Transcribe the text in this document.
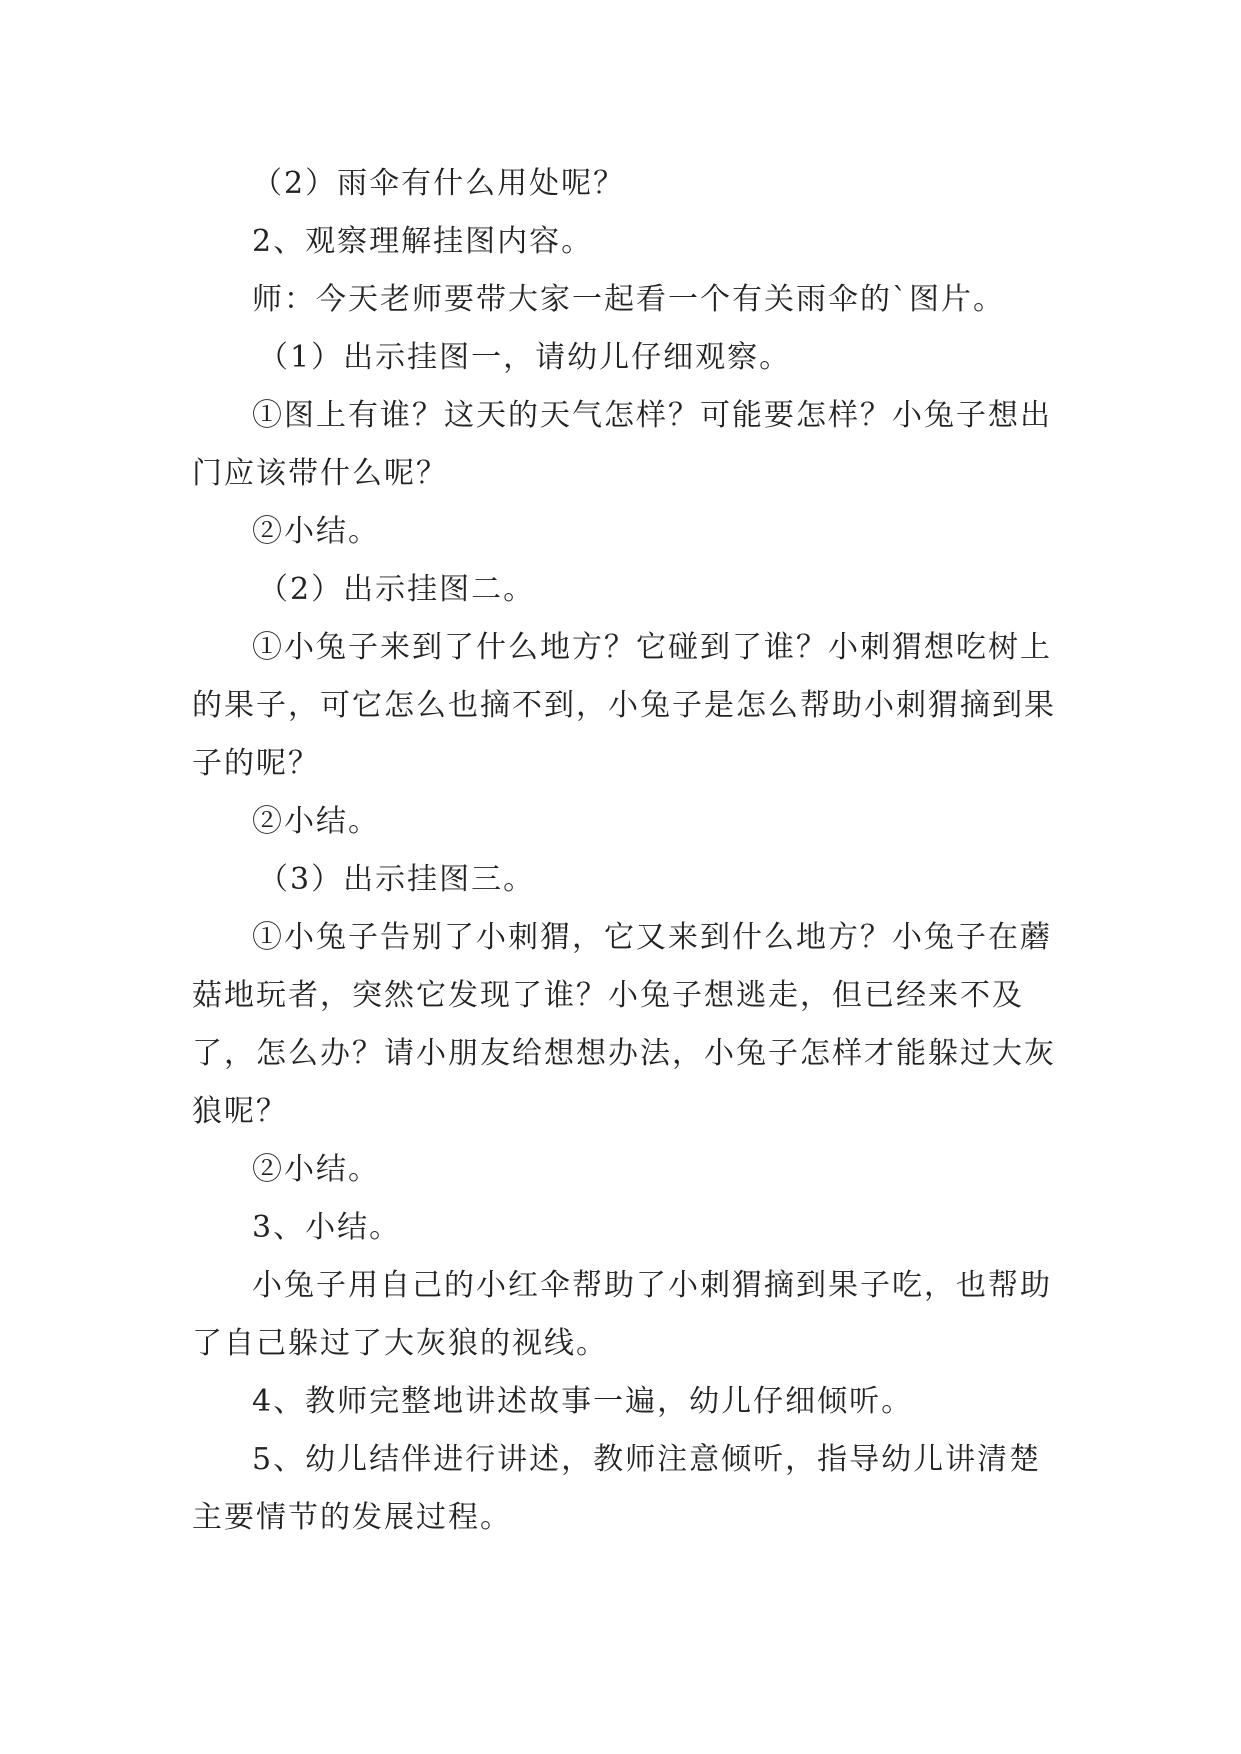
（2）雨伞有什么用处呢？

2、观察理解挂图内容。

师：今天老师要带大家一起看一个有关雨伞的`图片。

（1）出示挂图一，请幼儿仔细观察。

①图上有谁？这天的天气怎样？可能要怎样？小兔子想出门应该带什么呢？

②小结。

（2）出示挂图二。

①小兔子来到了什么地方？它碰到了谁？小刺猬想吃树上的果子，可它怎么也摘不到，小兔子是怎么帮助小刺猬摘到果子的呢？

②小结。

（3）出示挂图三。

①小兔子告别了小刺猬，它又来到什么地方？小兔子在蘑菇地玩者，突然它发现了谁？小兔子想逃走，但已经来不及了，怎么办？请小朋友给想想办法，小兔子怎样才能躲过大灰狼呢？

②小结。

3、小结。

小兔子用自己的小红伞帮助了小刺猬摘到果子吃，也帮助了自己躲过了大灰狼的视线。

4、教师完整地讲述故事一遍，幼儿仔细倾听。

5、幼儿结伴进行讲述，教师注意倾听，指导幼儿讲清楚主要情节的发展过程。
